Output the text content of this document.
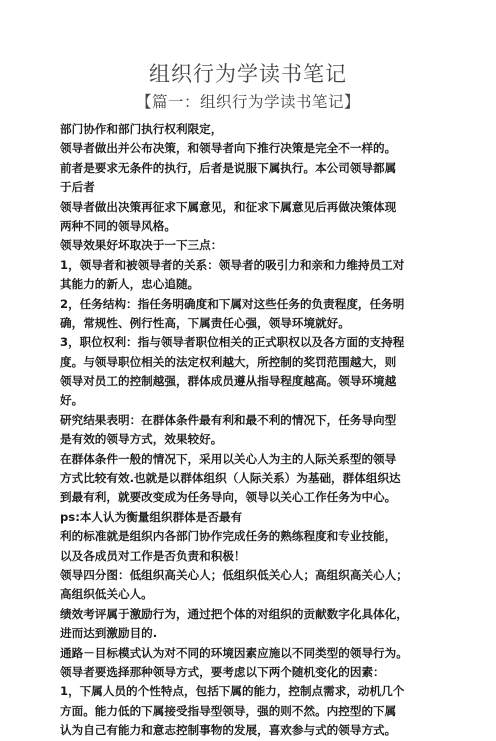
组织行为学读书笔记
【篇一：组织行为学读书笔记】
部门协作和部门执行权利限定，
领导者做出并公布决策，和领导者向下推行决策是完全不一样的。
前者是要求无条件的执行，后者是说服下属执行。本公司领导都属
于后者
领导者做出决策再征求下属意见，和征求下属意见后再做决策体现
两种不同的领导风格。
领导效果好坏取决于一下三点：
1，领导者和被领导者的关系：领导者的吸引力和亲和力维持员工对
其能力的新人，忠心追随。
2，任务结构：指任务明确度和下属对这些任务的负责程度，任务明
确，常规性、例行性高，下属责任心强，领导环境就好。
3，职位权利：指与领导者职位相关的正式职权以及各方面的支持程
度。与领导职位相关的法定权利越大，所控制的奖罚范围越大，则
领导对员工的控制越强，群体成员遵从指导程度越高。领导环境越
好。
研究结果表明：在群体条件最有利和最不利的情况下，任务导向型
是有效的领导方式，效果较好。
在群体条件一般的情况下，采用以关心人为主的人际关系型的领导
方式比较有效.也就是以群体组织（人际关系）为基础，群体组织达
到最有利，就要改变成为任务导向，领导以关心工作任务为中心。
ps:本人认为衡量组织群体是否最有
利的标准就是组织内各部门协作完成任务的熟练程度和专业技能，
以及各成员对工作是否负责和积极！
领导四分图：低组织高关心人；低组织低关心人；高组织高关心人；
高组织低关心人。
绩效考评属于激励行为，通过把个体的对组织的贡献数字化具体化，
进而达到激励目的.
通路－目标模式认为对不同的环境因素应施以不同类型的领导行为。
领导者要选择那种领导方式，要考虑以下两个随机变化的因素：
1，下属人员的个性特点，包括下属的能力，控制点需求，动机几个
方面。能力低的下属接受指导型领导，强的则不然。内控型的下属
认为自己有能力和意志控制事物的发展，喜欢参与式的领导方式。
